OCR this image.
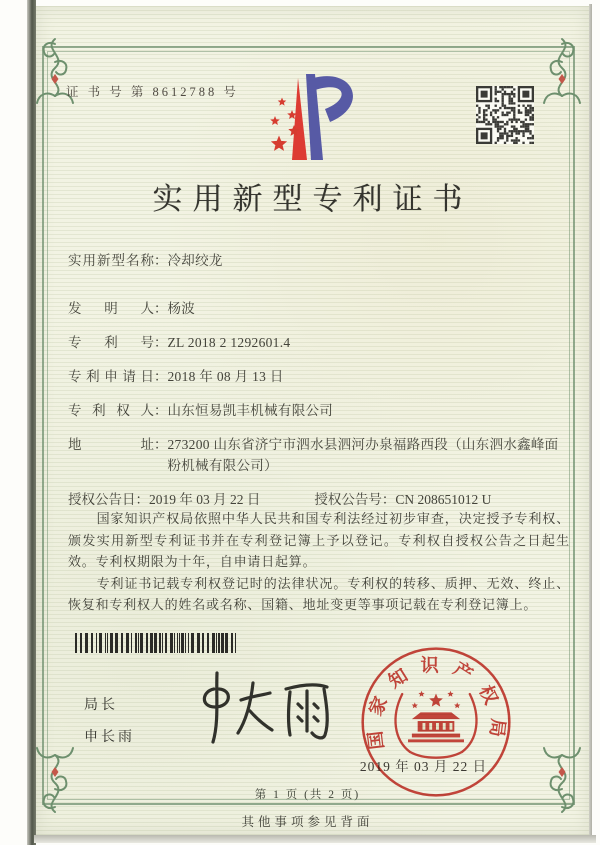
证 书 号 第 8612788 号
实用新型专利证书
实用新型名称 ： 冷却绞龙
发明人 ： 杨波
专利号 ： ZL 2018 2 1292601.4
专利申请日 ： 2018 年 08 月 13 日
专利权人 ： 山东恒易凯丰机械有限公司
地址 ： 273200 山东省济宁市泗水县泗河办泉福路西段（山东泗水鑫峰面粉机械有限公司）
授权公告日 ： 2019 年 03 月 22 日	授权公告号 ： CN 208651012 U

国家知识产权局依照中华人民共和国专利法经过初步审查，决定授予专利权、颁发实用新型专利证书并在专利登记簿上予以登记。专利权自授权公告之日起生效。专利权期限为十年，自申请日起算。

专利证书记载专利权登记时的法律状况。专利权的转移、质押、无效、终止、恢复和专利权人的姓名或名称、国籍、地址变更等事项记载在专利登记簿上。

局长
申长雨
2019 年 03 月 22 日
国家知识产权局
第 1 页 (共 2 页)
其他事项参见背面
